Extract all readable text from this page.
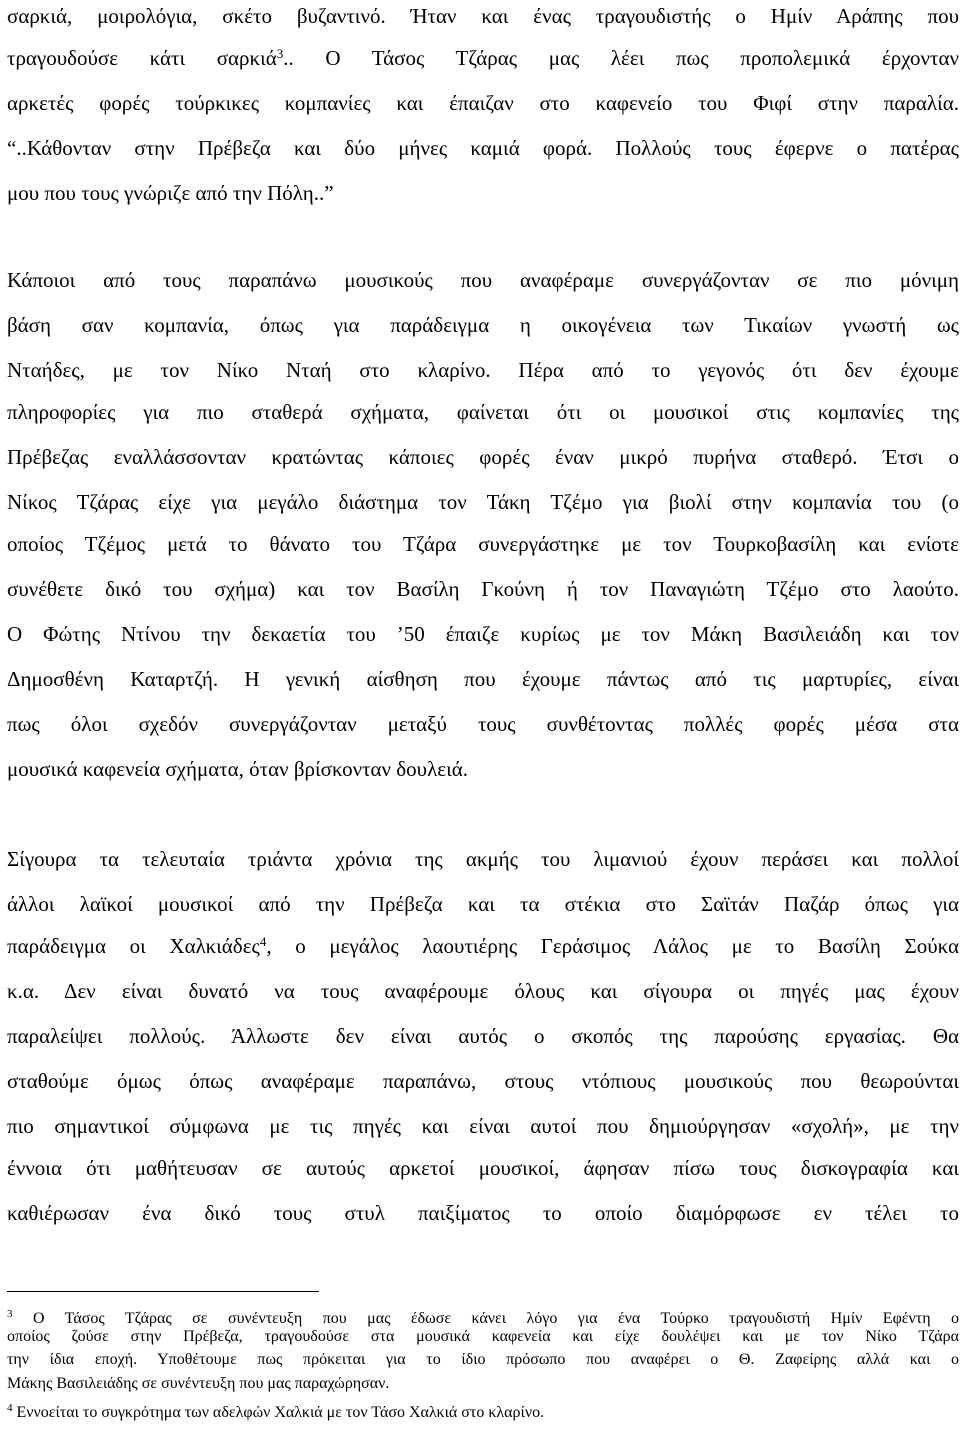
σαρκιά, μοιρολόγια, σκέτο βυζαντινό. Ήταν και ένας τραγουδιστής ο Ημίν Αράπης που
τραγουδούσε κάτι σαρκιά$^3$.. Ο Τάσος Τζάρας μας λέει πως προπολεμικά έρχονταν
αρκετές φορές τούρκικες κομπανίες και έπαιζαν στο καφενείο του Φιφί στην παραλία.
“..Κάθονταν στην Πρέβεζα και δύο μήνες καμιά φορά. Πολλούς τους έφερνε ο πατέρας
μου που τους γνώριζε από την Πόλη..”
Κάποιοι από τους παραπάνω μουσικούς που αναφέραμε συνεργάζονταν σε πιο μόνιμη
βάση σαν κομπανία, όπως για παράδειγμα η οικογένεια των Τικαίων γνωστή ως
Νταήδες, με τον Νίκο Νταή στο κλαρίνο. Πέρα από το γεγονός ότι δεν έχουμε
πληροφορίες για πιο σταθερά σχήματα, φαίνεται ότι οι μουσικοί στις κομπανίες της
Πρέβεζας εναλλάσσονταν κρατώντας κάποιες φορές έναν μικρό πυρήνα σταθερό. Έτσι ο
Νίκος Τζάρας είχε για μεγάλο διάστημα τον Τάκη Τζέμο για βιολί στην κομπανία του (ο
οποίος Τζέμος μετά το θάνατο του Τζάρα συνεργάστηκε με τον Τουρκοβασίλη και ενίοτε
συνέθετε δικό του σχήμα) και τον Βασίλη Γκούνη ή τον Παναγιώτη Τζέμο στο λαούτο.
Ο Φώτης Ντίνου την δεκαετία του ’50 έπαιζε κυρίως με τον Μάκη Βασιλειάδη και τον
Δημοσθένη Καταρτζή. Η γενική αίσθηση που έχουμε πάντως από τις μαρτυρίες, είναι
πως όλοι σχεδόν συνεργάζονταν μεταξύ τους συνθέτοντας πολλές φορές μέσα στα
μουσικά καφενεία σχήματα, όταν βρίσκονταν δουλειά.
Σίγουρα τα τελευταία τριάντα χρόνια της ακμής του λιμανιού έχουν περάσει και πολλοί
άλλοι λαϊκοί μουσικοί από την Πρέβεζα και τα στέκια στο Σαϊτάν Παζάρ όπως για
παράδειγμα οι Χαλκιάδες$^4$, ο μεγάλος λαουτιέρης Γεράσιμος Λάλος με το Βασίλη Σούκα
κ.α. Δεν είναι δυνατό να τους αναφέρουμε όλους και σίγουρα οι πηγές μας έχουν
παραλείψει πολλούς. Άλλωστε δεν είναι αυτός ο σκοπός της παρούσης εργασίας. Θα
σταθούμε όμως όπως αναφέραμε παραπάνω, στους ντόπιους μουσικούς που θεωρούνται
πιο σημαντικοί σύμφωνα με τις πηγές και είναι αυτοί που δημιούργησαν «σχολή», με την
έννοια ότι μαθήτευσαν σε αυτούς αρκετοί μουσικοί, άφησαν πίσω τους δισκογραφία και
καθιέρωσαν ένα δικό τους στυλ παιξίματος το οποίο διαμόρφωσε εν τέλει το
$^3$ Ο Τάσος Τζάρας σε συνέντευξη που μας έδωσε κάνει λόγο για ένα Τούρκο τραγουδιστή Ημίν Εφέντη ο
οποίος ζούσε στην Πρέβεζα, τραγουδούσε στα μουσικά καφενεία και είχε δουλέψει και με τον Νίκο Τζάρα
την ίδια εποχή. Υποθέτουμε πως πρόκειται για το ίδιο πρόσωπο που αναφέρει ο Θ. Ζαφείρης αλλά και ο
Μάκης Βασιλειάδης σε συνέντευξη που μας παραχώρησαν.
$^4$ Εννοείται το συγκρότημα των αδελφών Χαλκιά με τον Τάσο Χαλκιά στο κλαρίνο.
